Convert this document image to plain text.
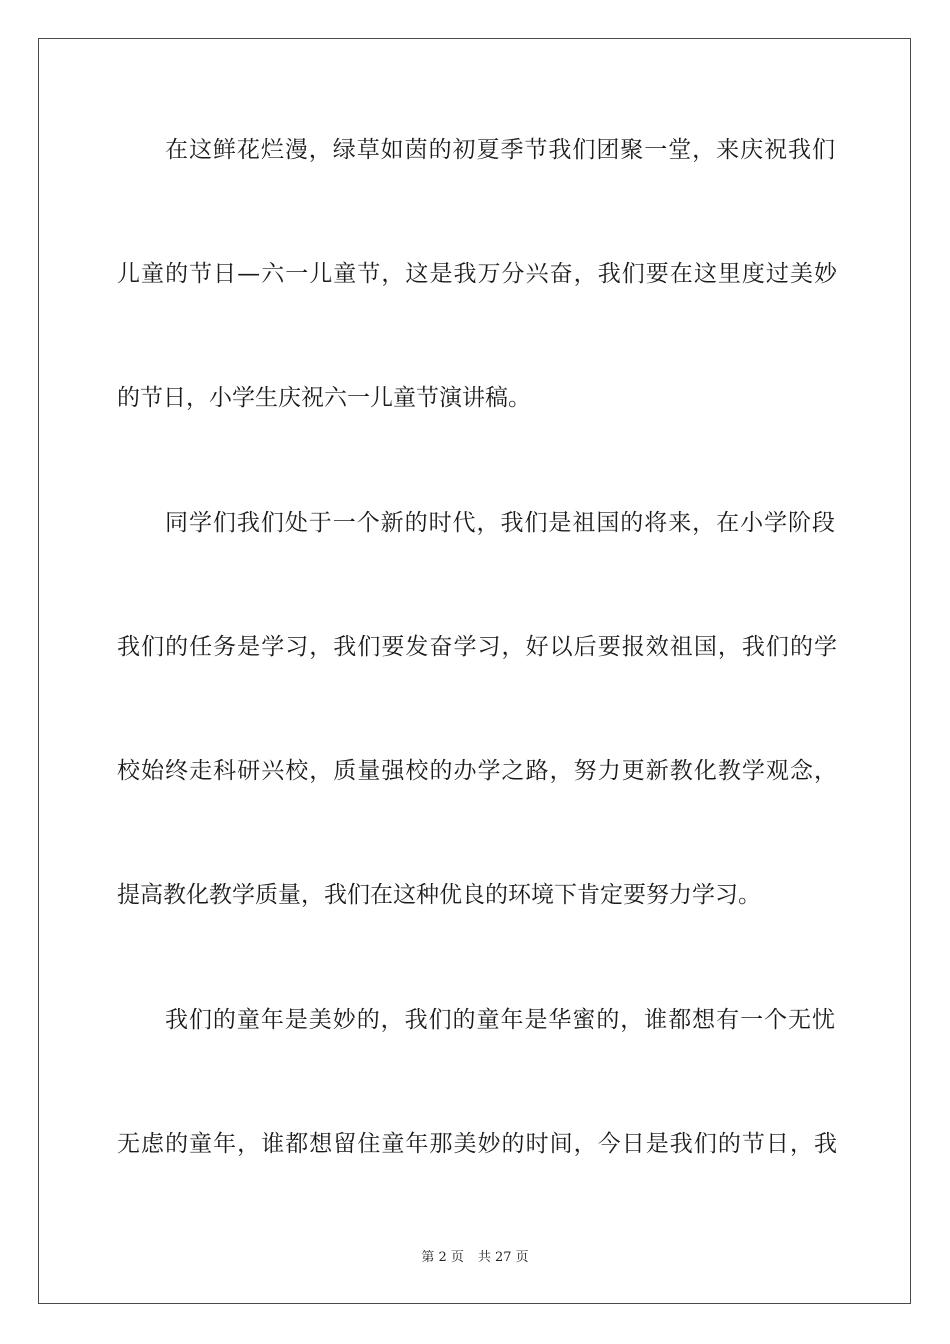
在这鲜花烂漫，绿草如茵的初夏季节我们团聚一堂，来庆祝我们
儿童的节日—六一儿童节，这是我万分兴奋，我们要在这里度过美妙
的节日，小学生庆祝六一儿童节演讲稿。
同学们我们处于一个新的时代，我们是祖国的将来，在小学阶段
我们的任务是学习，我们要发奋学习，好以后要报效祖国，我们的学
校始终走科研兴校，质量强校的办学之路，努力更新教化教学观念，
提高教化教学质量，我们在这种优良的环境下肯定要努力学习。
我们的童年是美妙的，我们的童年是华蜜的，谁都想有一个无忧
无虑的童年，谁都想留住童年那美妙的时间，今日是我们的节日，我
第 2 页 共 27 页
